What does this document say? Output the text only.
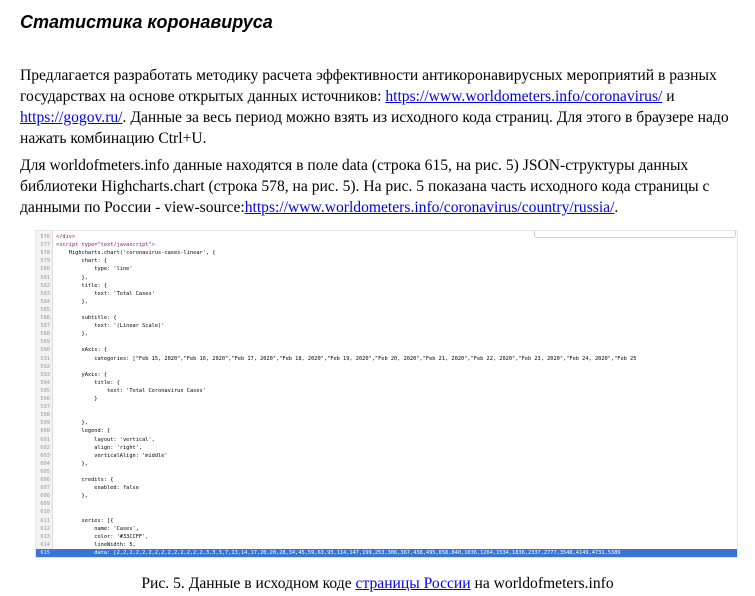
Статистика коронавируса
Предлагается разработать методику расчета эффективности антикоронавирусных мероприятий в разных государствах на основе открытых данных источников: https://www.worldometers.info/coronavirus/ и https://gogov.ru/. Данные за весь период можно взять из исходного кода страниц. Для этого в браузере надо нажать комбинацию Ctrl+U.
Для worldofmeters.info данные находятся в поле data (строка 615, на рис. 5) JSON-структуры данных библиотеки Highcharts.chart (строка 578, на рис. 5). На рис. 5 показана часть исходного кода страницы с данными по России - view-source:https://www.worldometers.info/coronavirus/country/russia/.
576 </div>
577 <script type="text/javascript">
578    Highcharts.chart('coronavirus-cases-linear', {
579        chart: {
580            type: 'line'
581        },
582        title: {
583            text: 'Total Cases'
584        },
585
586        subtitle: {
587            text: '(Linear Scale)'
588        },
589
590        xAxis: {
591            categories: ["Feb 15, 2020","Feb 16, 2020","Feb 17, 2020","Feb 18, 2020","Feb 19, 2020","Feb 20, 2020","Feb 21, 2020","Feb 22, 2020","Feb 23, 2020","Feb 24, 2020","Feb 25
592
593        yAxis: {
594            title: {
595                text: 'Total Coronavirus Cases'
596            }
597
598
599        },
600        legend: {
601            layout: 'vertical',
602            align: 'right',
603            verticalAlign: 'middle'
604        },
605
606        credits: {
607            enabled: false
608        },
609
610
611        series: [{
612            name: 'Cases',
613            color: '#33CCFF',
614            lineWidth: 5,
615            data: [2,2,2,2,2,2,2,2,2,2,2,2,2,2,3,3,3,7,13,14,17,20,20,28,34,45,59,63,93,114,147,199,253,306,367,438,495,658,840,1036,1264,1534,1836,2337,2777,3548,4149,4731,5389
Рис. 5. Данные в исходном коде страницы России на worldofmeters.info
